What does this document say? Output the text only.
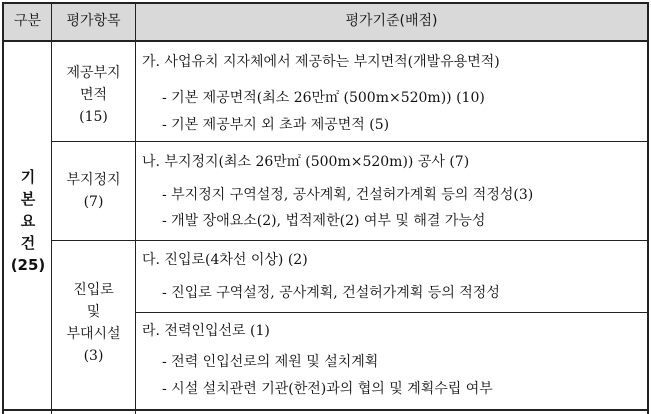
구분	평가항목	평가기준(배점)
기
본
요
건
(25)
제공부지
면적
(15)
가. 사업유치 지자체에서 제공하는 부지면적(개발유용면적)
- 기본 제공면적(최소 26만㎡ (500m×520m)) (10)
- 기본 제공부지 외 초과 제공면적 (5)
부지정지
(7)
나. 부지정지(최소 26만㎡ (500m×520m)) 공사 (7)
- 부지정지 구역설정, 공사계획, 건설허가계획 등의 적정성(3)
- 개발 장애요소(2), 법적제한(2) 여부 및 해결 가능성
진입로
및
부대시설
(3)
다. 진입로(4차선 이상) (2)
- 진입로 구역설정, 공사계획, 건설허가계획 등의 적정성
라. 전력인입선로 (1)
- 전력 인입선로의 제원 및 설치계획
- 시설 설치관련 기관(한전)과의 협의 및 계획수립 여부
